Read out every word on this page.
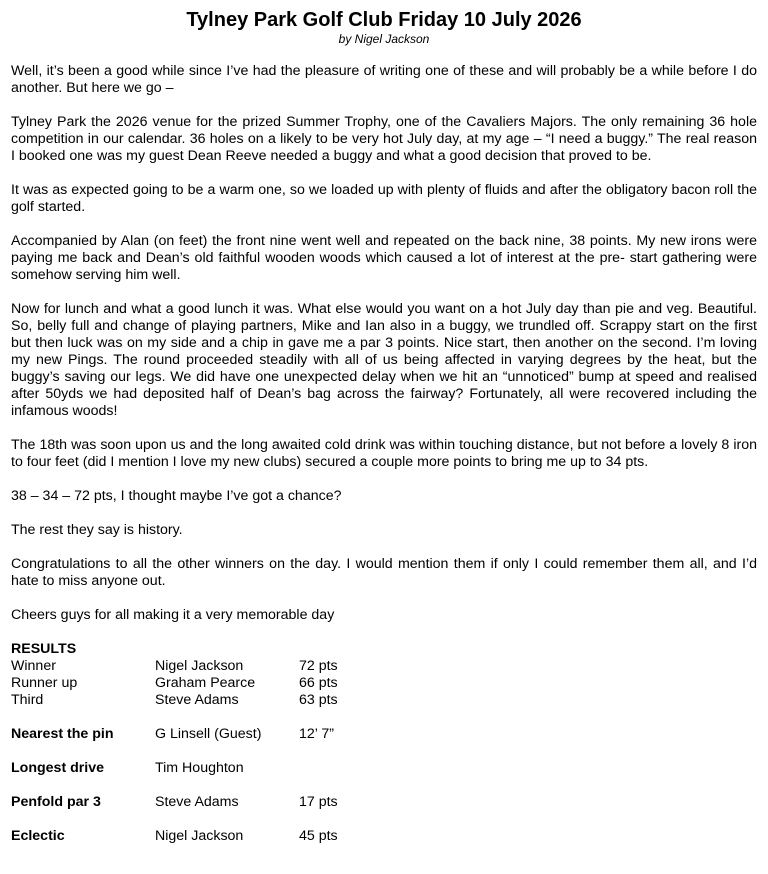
Tylney Park Golf Club Friday 10 July 2026
by Nigel Jackson

Well, it’s been a good while since I’ve had the pleasure of writing one of these and will probably be a while before I do another. But here we go –

Tylney Park the 2026 venue for the prized Summer Trophy, one of the Cavaliers Majors. The only remaining 36 hole competition in our calendar. 36 holes on a likely to be very hot July day, at my age – “I need a buggy.” The real reason I booked one was my guest Dean Reeve needed a buggy and what a good decision that proved to be.

It was as expected going to be a warm one, so we loaded up with plenty of fluids and after the obligatory bacon roll the golf started.

Accompanied by Alan (on feet) the front nine went well and repeated on the back nine, 38 points. My new irons were paying me back and Dean’s old faithful wooden woods which caused a lot of interest at the pre- start gathering were somehow serving him well.

Now for lunch and what a good lunch it was. What else would you want on a hot July day than pie and veg. Beautiful. So, belly full and change of playing partners, Mike and Ian also in a buggy, we trundled off. Scrappy start on the first but then luck was on my side and a chip in gave me a par 3 points. Nice start, then another on the second. I’m loving my new Pings. The round proceeded steadily with all of us being affected in varying degrees by the heat, but the buggy’s saving our legs. We did have one unexpected delay when we hit an “unnoticed” bump at speed and realised after 50yds we had deposited half of Dean’s bag across the fairway? Fortunately, all were recovered including the infamous woods!

The 18th was soon upon us and the long awaited cold drink was within touching distance, but not before a lovely 8 iron to four feet (did I mention I love my new clubs) secured a couple more points to bring me up to 34 pts.

38 – 34 – 72 pts, I thought maybe I’ve got a chance?

The rest they say is history.

Congratulations to all the other winners on the day. I would mention them if only I could remember them all, and I’d hate to miss anyone out.

Cheers guys for all making it a very memorable day

RESULTS
Winner	Nigel Jackson	72 pts
Runner up	Graham Pearce	66 pts
Third	Steve Adams	63 pts
Nearest the pin	G Linsell (Guest)	12’ 7”
Longest drive	Tim Houghton
Penfold par 3	Steve Adams	17 pts
Eclectic	Nigel Jackson	45 pts
